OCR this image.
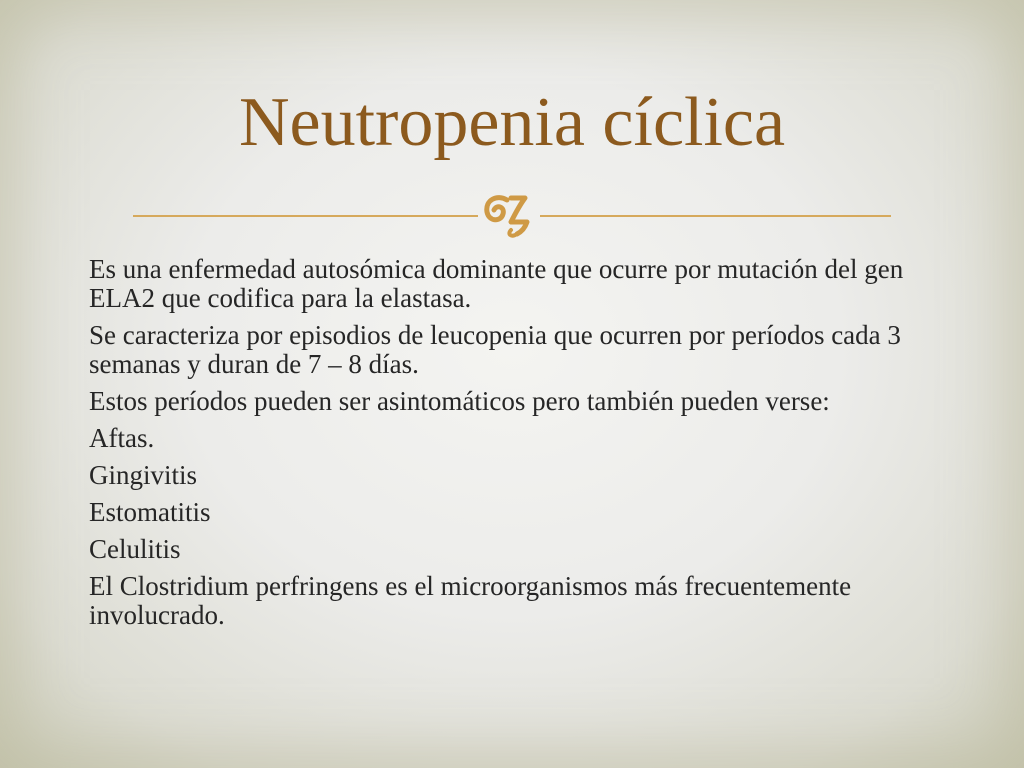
Neutropenia cíclica
Es una enfermedad autosómica dominante que ocurre por mutación del gen ELA2 que codifica para la elastasa.
Se caracteriza por episodios de leucopenia que ocurren por períodos cada 3 semanas y duran de 7 – 8 días.
Estos períodos pueden ser asintomáticos pero también pueden verse:
Aftas.
Gingivitis
Estomatitis
Celulitis
El Clostridium perfringens es el microorganismos más frecuentemente involucrado.
